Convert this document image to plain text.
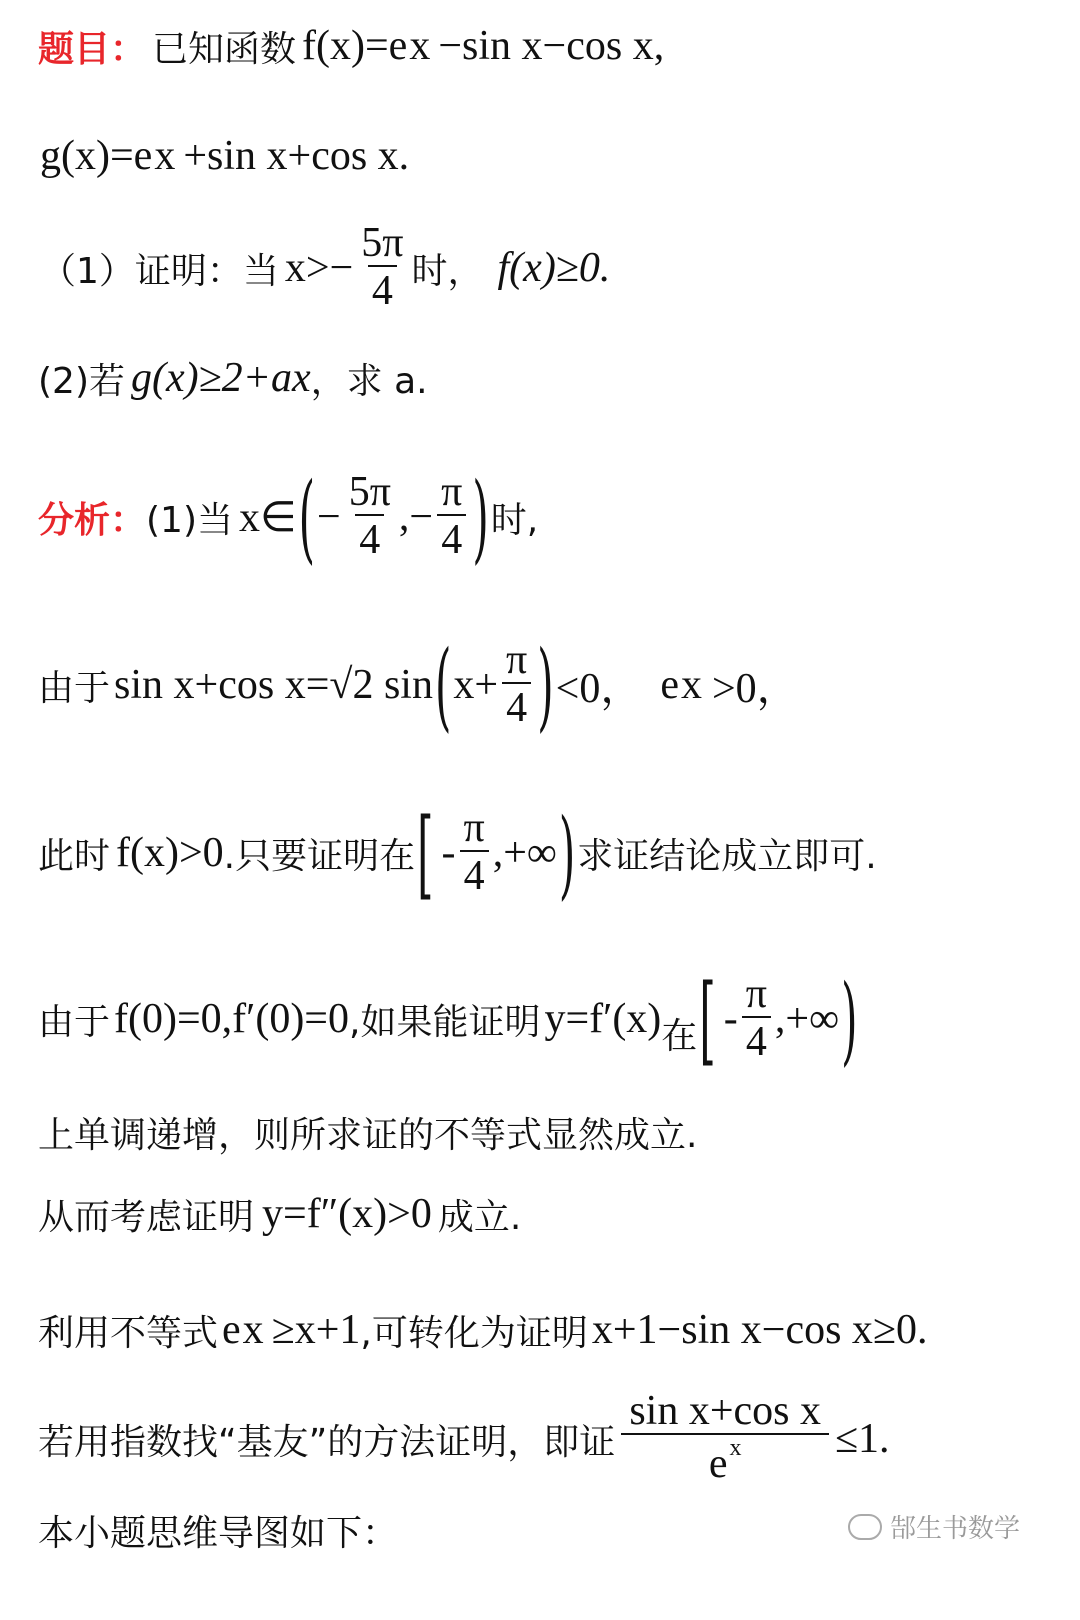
题目： 已知函数 f(x)=e x −sin x−cos x,
g(x)=e x +sin x+cos x.
（1）证明：当 $x>- \frac{5\pi}{4}$ 时， f(x)≥0.
(2)若 g(x)≥2+ax ，求 a.
分析： (1)当 x∈ ( − $\frac{5\pi}{4}$ ,− $\frac{\pi}{4}$ ) 时,
由于 sin x+cos x=√2 sin ( $x+ \frac{\pi}{4}$ ) <0， e x >0，
此时 f(x)>0 .只要证明在 [ - $\frac{\pi}{4}$ ,+∞ ) 求证结论成立即可.
由于 f(0)=0,f′(0)=0 ,如果能证明 y=f′(x) 在 [ - $\frac{\pi}{4}$ ,+∞ )
上单调递增，则所求证的不等式显然成立.
从而考虑证明 y=f″(x)>0 成立.
利用不等式 e x ≥x+1 ,可转化为证明 x+1−sin x−cos x≥0.
若用指数找“基友”的方法证明，即证 $\frac{\text{sin x+cos x}}{e^x} \le 1$.
本小题思维导图如下：	郜生书数学
